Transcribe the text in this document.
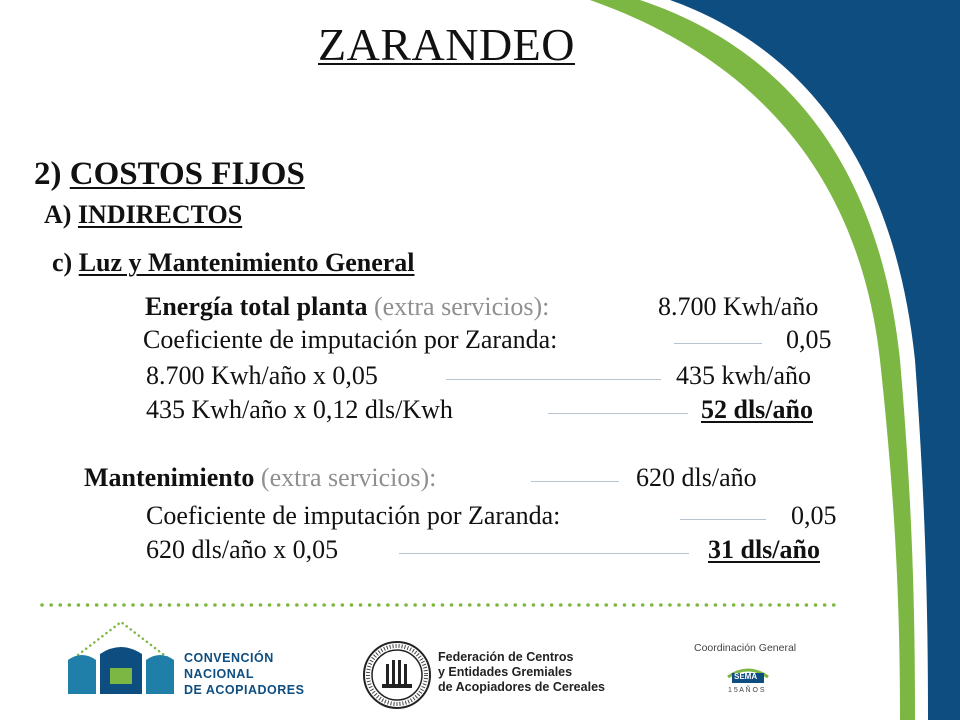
ZARANDEO
2) COSTOS FIJOS
A) INDIRECTOS
c) Luz y Mantenimiento General
Energía total planta (extra servicios):	8.700 Kwh/año
Coeficiente de imputación por Zaranda:	0,05
8.700 Kwh/año x 0,05	435 kwh/año
435 Kwh/año x 0,12 dls/Kwh	52 dls/año
Mantenimiento (extra servicios):	620 dls/año
Coeficiente de imputación por Zaranda:	0,05
620 dls/año x 0,05	31 dls/año
CONVENCIÓN
NACIONAL
DE ACOPIADORES
Federación de Centros
y Entidades Gremiales
de Acopiadores de Cereales
Coordinación General
SEMA
1 5 A Ñ O S
